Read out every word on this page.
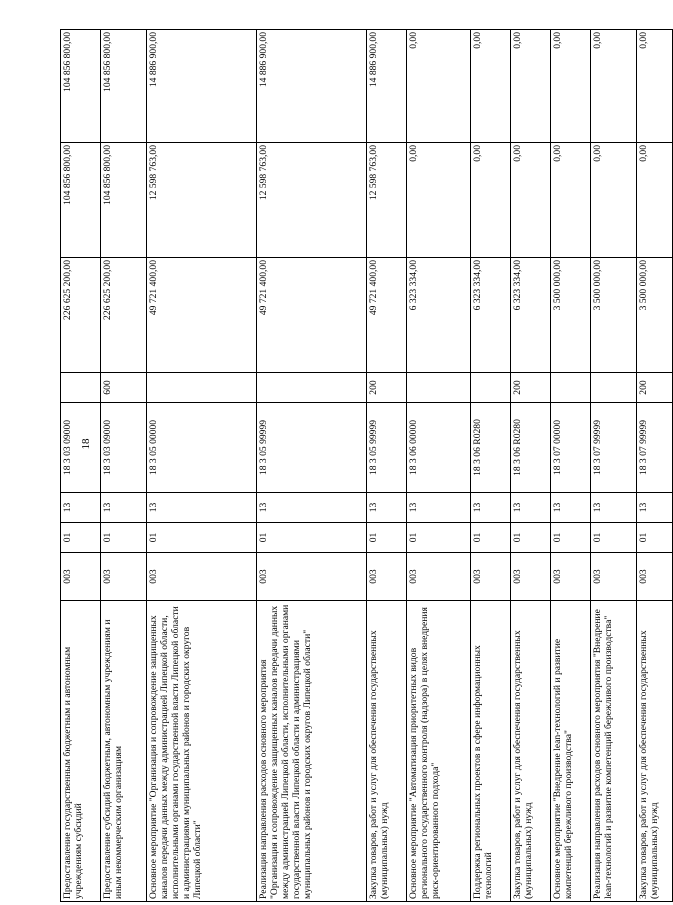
18
Предоставление государственным бюджетным и автономным учреждениям субсидий	003	01	13	18 3 03 09000		226 625 200,00	104 856 800,00	104 856 800,00
Предоставление субсидий бюджетным, автономным учреждениям и иным некоммерческим организациям	003	01	13	18 3 03 09000	600	226 625 200,00	104 856 800,00	104 856 800,00
Основное мероприятие "Организация и сопровождение защищенных каналов передачи данных между администрацией Липецкой области, исполнительными органами государственной власти Липецкой области и администрациями муниципальных районов и городских округов Липецкой области"	003	01	13	18 3 05 00000		49 721 400,00	12 598 763,00	14 886 900,00
Реализация направления расходов основного мероприятия "Организация и сопровождение защищенных каналов передачи данных между администрацией Липецкой области, исполнительными органами государственной власти Липецкой области и администрациями муниципальных районов и городских округов Липецкой области"	003	01	13	18 3 05 99999		49 721 400,00	12 598 763,00	14 886 900,00
Закупка товаров, работ и услуг для обеспечения государственных (муниципальных) нужд	003	01	13	18 3 05 99999	200	49 721 400,00	12 598 763,00	14 886 900,00
Основное мероприятие "Автоматизация приоритетных видов регионального государственного контроля (надзора) в целях внедрения риск-ориентированного подхода"	003	01	13	18 3 06 00000		6 323 334,00	0,00	0,00
Поддержка региональных проектов в сфере информационных технологий	003	01	13	18 3 06 R0280		6 323 334,00	0,00	0,00
Закупка товаров, работ и услуг для обеспечения государственных (муниципальных) нужд	003	01	13	18 3 06 R0280	200	6 323 334,00	0,00	0,00
Основное мероприятие "Внедрение lean-технологий и развитие компетенций бережливого производства"	003	01	13	18 3 07 00000		3 500 000,00	0,00	0,00
Реализация направления расходов основного мероприятия "Внедрение lean-технологий и развитие компетенций бережливого производства"	003	01	13	18 3 07 99999		3 500 000,00	0,00	0,00
Закупка товаров, работ и услуг для обеспечения государственных (муниципальных) нужд	003	01	13	18 3 07 99999	200	3 500 000,00	0,00	0,00
